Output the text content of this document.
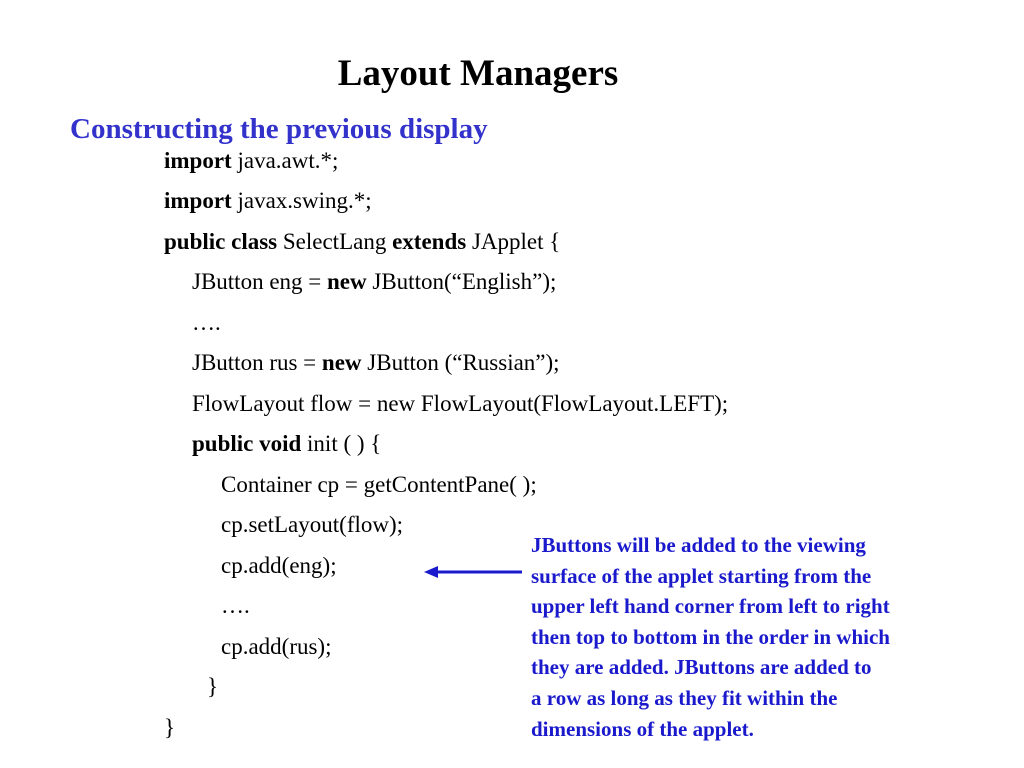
Layout Managers
Constructing the previous display
import java.awt.*;
import javax.swing.*;
public class SelectLang extends JApplet {
JButton eng = new JButton(“English”);
….
JButton rus = new JButton (“Russian”);
FlowLayout flow = new FlowLayout(FlowLayout.LEFT);
public void init ( ) {
Container cp = getContentPane( );
cp.setLayout(flow);
cp.add(eng);
….
cp.add(rus);
}
}
JButtons will be added to the viewing
surface of the applet starting from the
upper left hand corner from left to right
then top to bottom in the order in which
they are added. JButtons are added to
a row as long as they fit within the
dimensions of the applet.
